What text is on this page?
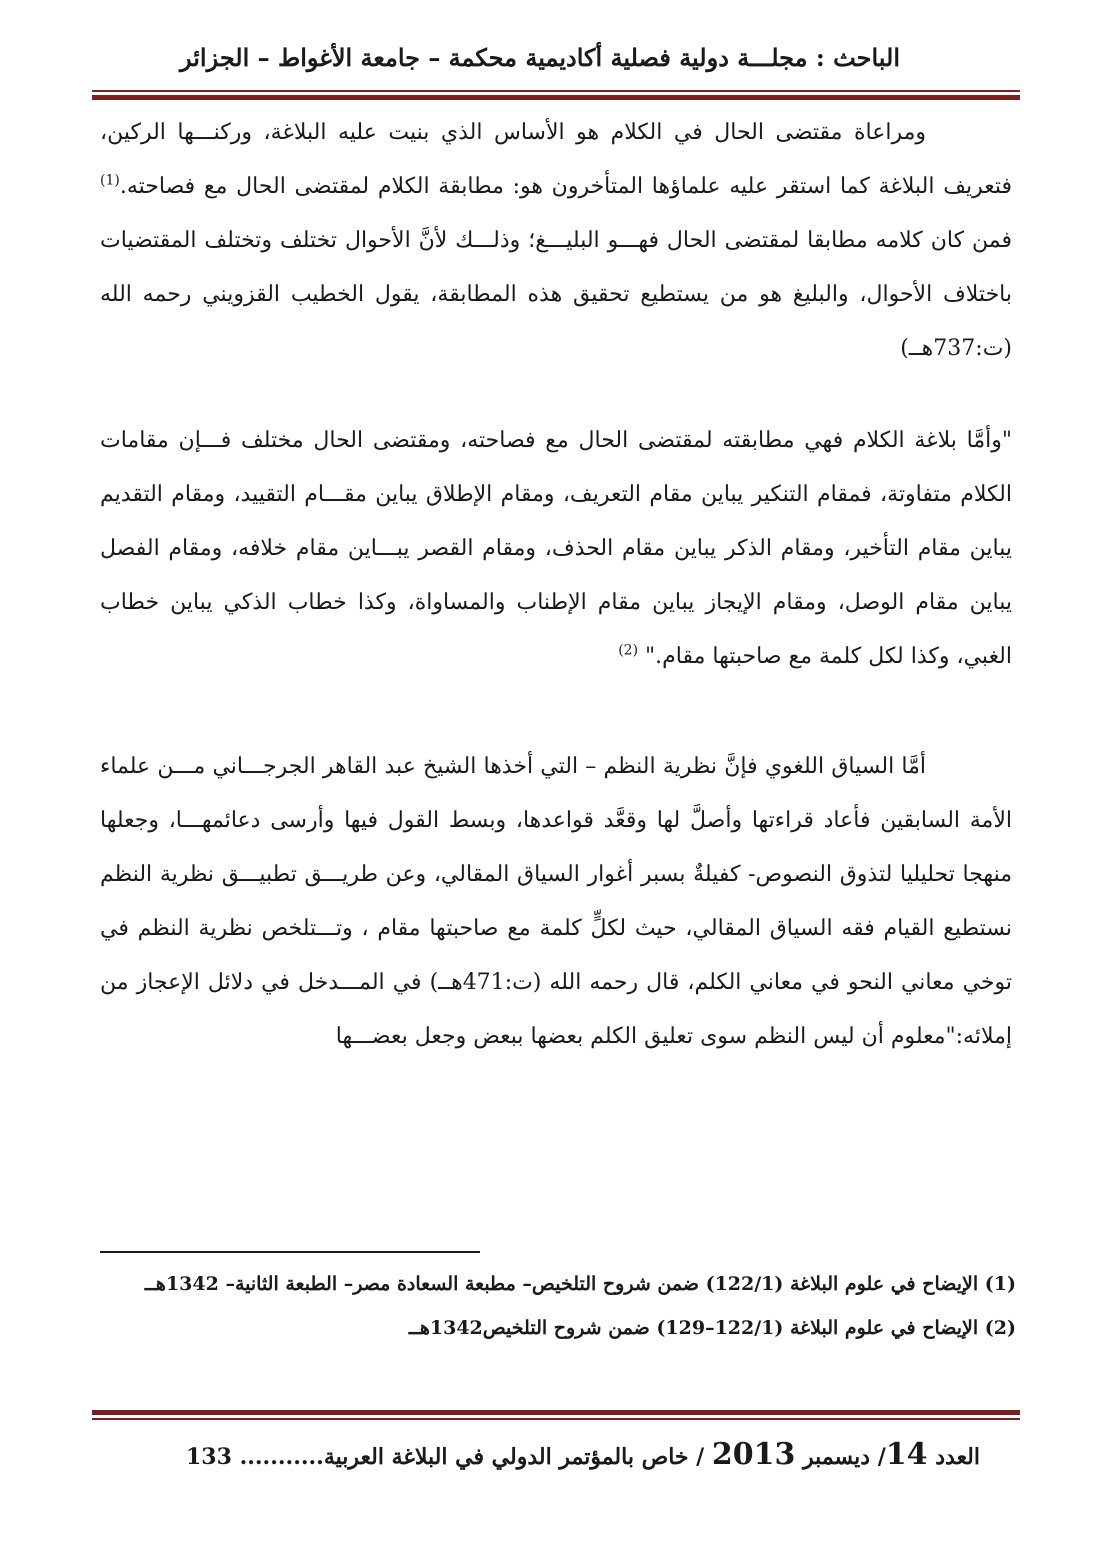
الباحث : مجلـــة دولية فصلية أكاديمية محكمة – جامعة الأغواط – الجزائر
ومراعاة مقتضى الحال في الكلام هو الأساس الذي بنيت عليه البلاغة، وركنـــها الركين، فتعريف البلاغة كما استقر عليه علماؤها المتأخرون هو: مطابقة الكلام لمقتضى الحال مع فصاحته.$^{(1)}$ فمن كان كلامه مطابقا لمقتضى الحال فهـــو البليـــغ؛ وذلـــك لأنَّ الأحوال تختلف وتختلف المقتضيات باختلاف الأحوال، والبليغ هو من يستطيع تحقيق هذه المطابقة، يقول الخطيب القزويني رحمه الله (ت:737هــ)
"وأمَّا بلاغة الكلام فهي مطابقته لمقتضى الحال مع فصاحته، ومقتضى الحال مختلف فـــإن مقامات الكلام متفاوتة، فمقام التنكير يباين مقام التعريف، ومقام الإطلاق يباين مقـــام التقييد، ومقام التقديم يباين مقام التأخير، ومقام الذكر يباين مقام الحذف، ومقام القصر يبـــاين مقام خلافه، ومقام الفصل يباين مقام الوصل، ومقام الإيجاز يباين مقام الإطناب والمساواة، وكذا خطاب الذكي يباين خطاب الغبي، وكذا لكل كلمة مع صاحبتها مقام." $^{(2)}$
أمَّا السياق اللغوي فإنَّ نظرية النظم – التي أخذها الشيخ عبد القاهر الجرجـــاني مـــن علماء الأمة السابقين فأعاد قراءتها وأصلَّ لها وقعَّد قواعدها، وبسط القول فيها وأرسى دعائمهـــا، وجعلها منهجا تحليليا لتذوق النصوص- كفيلةٌ بسبر أغوار السياق المقالي، وعن طريـــق تطبيـــق نظرية النظم نستطيع القيام فقه السياق المقالي، حيث لكلٍّ كلمة مع صاحبتها مقام ، وتـــتلخص نظرية النظم في توخي معاني النحو في معاني الكلم، قال رحمه الله (ت:471هــ) في المـــدخل في دلائل الإعجاز من إملائه:"معلوم أن ليس النظم سوى تعليق الكلم بعضها ببعض وجعل بعضـــها

(1) الإيضاح في علوم البلاغة (122/1) ضمن شروح التلخيص– مطبعة السعادة مصر– الطبعة الثانية– 1342هــ

(2) الإيضاح في علوم البلاغة (122/1–129) ضمن شروح التلخيص1342هــ

العدد 14/ ديسمبر 2013 / خاص بالمؤتمر الدولي في البلاغة العربية........... 133
